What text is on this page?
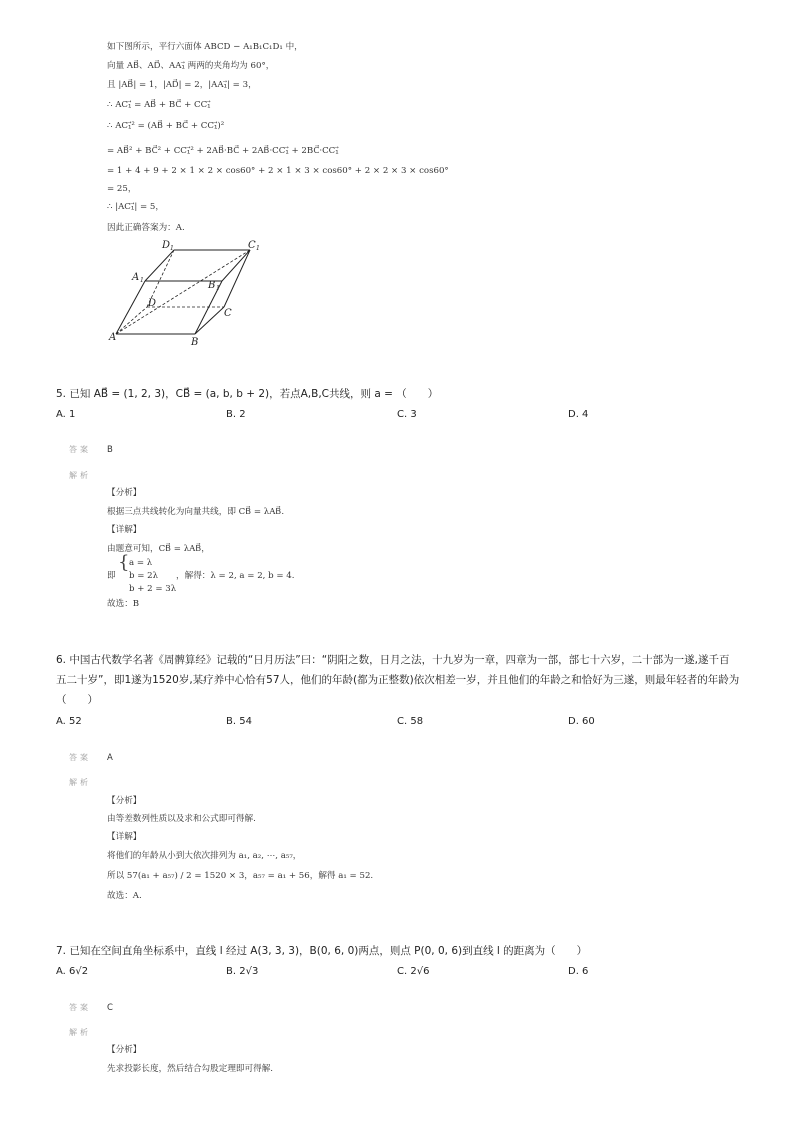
如下图所示，平行六面体 ABCD − A₁B₁C₁D₁ 中，
向量 AB⃗、AD⃗、AA₁⃗ 两两的夹角均为 60°，
且 |AB⃗| = 1，|AD⃗| = 2，|AA₁⃗| = 3，
∴ AC₁⃗ = AB⃗ + BC⃗ + CC₁⃗
∴ AC₁⃗² = (AB⃗ + BC⃗ + CC₁⃗)²
= AB⃗² + BC⃗² + CC₁⃗² + 2AB⃗·BC⃗ + 2AB⃗·CC₁⃗ + 2BC⃗·CC₁⃗
= 1 + 4 + 9 + 2 × 1 × 2 × cos60° + 2 × 1 × 3 × cos60° + 2 × 2 × 3 × cos60°
= 25，
∴ |AC₁⃗| = 5，
因此正确答案为：A.
D 1	C 1
A 1	B 1
D
C
A	B
5. 已知 AB⃗ = (1, 2, 3)，CB⃗ = (a, b, b + 2)，若点A,B,C共线，则 a = （　　）
A. 1	B. 2	C. 3	D. 4
答案 B
解析
【分析】
根据三点共线转化为向量共线，即 CB⃗ = λAB⃗.
【详解】
由题意可知，CB⃗ = λAB⃗，
即
{ a = λ
b = 2λ
b + 2 = 3λ
，解得：λ = 2, a = 2, b = 4.
故选：B
6. 中国古代数学名著《周髀算经》记载的“日月历法”曰：“阴阳之数，日月之法，十九岁为一章，四章为一部，部七十六岁，二十部为一遂,遂千百
五二十岁”，即1遂为1520岁,某疗养中心恰有57人，他们的年龄(都为正整数)依次相差一岁，并且他们的年龄之和恰好为三遂，则最年轻者的年龄为
（　　）
A. 52	B. 54	C. 58	D. 60
答案 A
解析
【分析】
由等差数列性质以及求和公式即可得解.
【详解】
将他们的年龄从小到大依次排列为 a₁, a₂, ⋯, a₅₇，
所以 57(a₁ + a₅₇) / 2 = 1520 × 3，a₅₇ = a₁ + 56，解得 a₁ = 52.
故选：A.
7. 已知在空间直角坐标系中，直线 l 经过 A(3, 3, 3)，B(0, 6, 0)两点，则点 P(0, 0, 6)到直线 l 的距离为（　　）
A. 6√2	B. 2√3	C. 2√6	D. 6
答案 C
解析
【分析】
先求投影长度，然后结合勾股定理即可得解.
